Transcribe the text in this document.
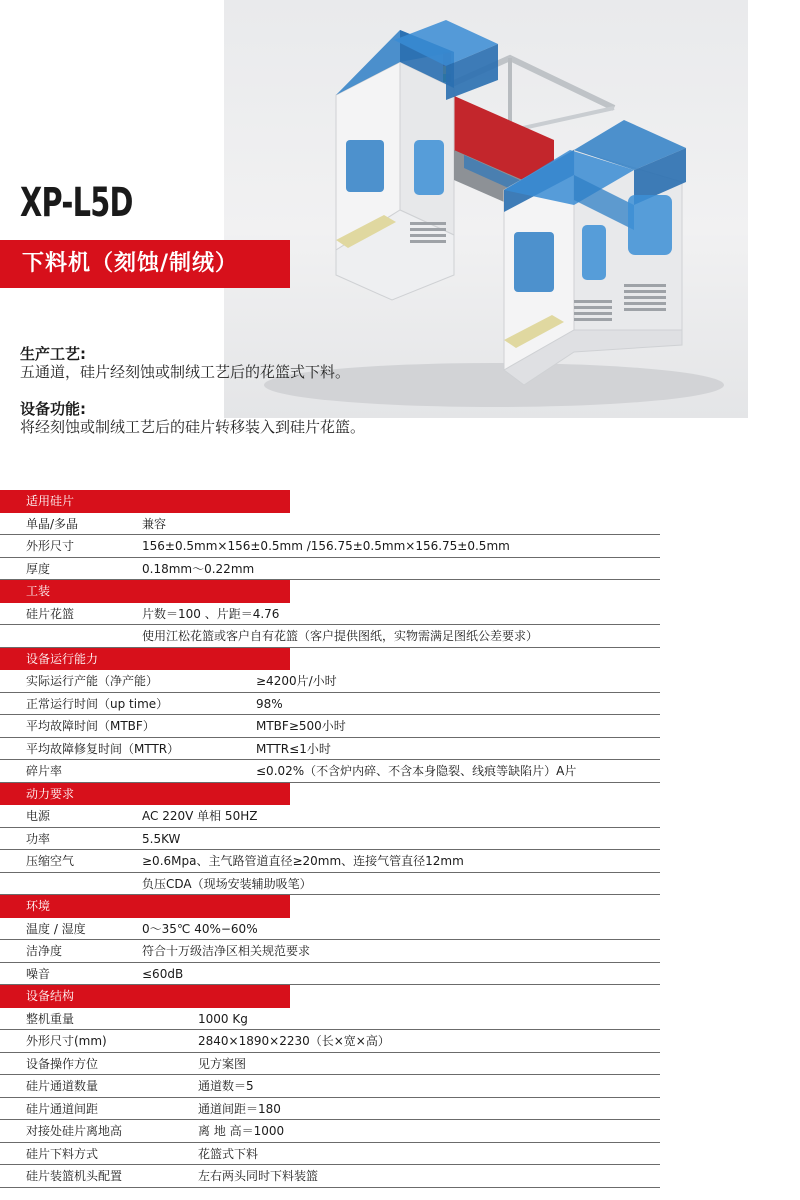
XP-L5D
下料机（刻蚀/制绒）
生产工艺:
五通道，硅片经刻蚀或制绒工艺后的花篮式下料。
设备功能:
将经刻蚀或制绒工艺后的硅片转移装入到硅片花篮。
适用硅片
单晶/多晶	兼容
外形尺寸	156±0.5mm×156±0.5mm /156.75±0.5mm×156.75±0.5mm
厚度	0.18mm～0.22mm
工装
硅片花篮	片数＝100 、片距＝4.76
使用江松花篮或客户自有花篮（客户提供图纸，实物需满足图纸公差要求）
设备运行能力
实际运行产能（净产能）	≥4200片/小时
正常运行时间（up time）	98%
平均故障时间（MTBF）	MTBF≥500小时
平均故障修复时间（MTTR）	MTTR≤1小时
碎片率	≤0.02%（不含炉内碎、不含本身隐裂、线痕等缺陷片）A片
动力要求
电源	AC 220V 单相 50HZ
功率	5.5KW
压缩空气	≥0.6Mpa、主气路管道直径≥20mm、连接气管直径12mm
负压CDA（现场安装辅助吸笔）
环境
温度 / 湿度	0～35℃ 40%−60%
洁净度	符合十万级洁净区相关规范要求
噪音	≤60dB
设备结构
整机重量	1000 Kg
外形尺寸(mm)	2840×1890×2230（长×宽×高）
设备操作方位	见方案图
硅片通道数量	通道数＝5
硅片通道间距	通道间距＝180
对接处硅片离地高	离 地 高＝1000
硅片下料方式	花篮式下料
硅片装篮机头配置	左右两头同时下料装篮
